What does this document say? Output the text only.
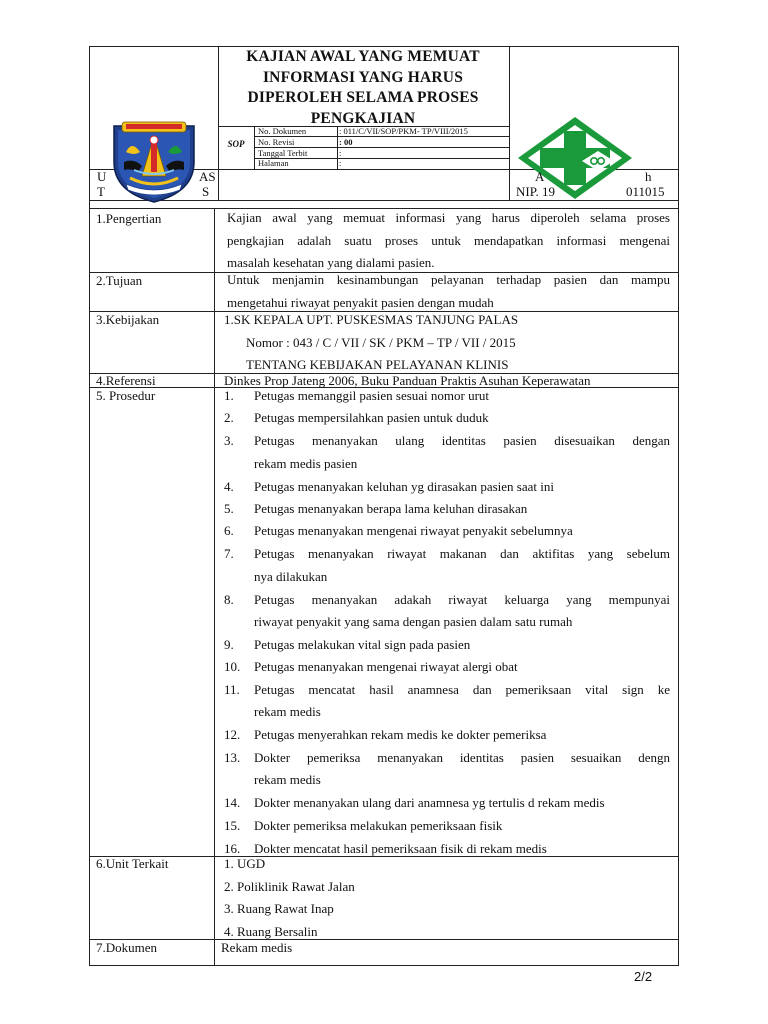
KAJIAN AWAL YANG MEMUAT
INFORMASI YANG HARUS
DIPEROLEH SELAMA PROSES
PENGKAJIAN
SOP
No. Dokumen	: 011/C/VII/SOP/PKM- TP/VIII/2015
No. Revisi	: 00
Tanggal Terbit	:
Halaman	:
U	AS
T	S
A	h
NIP. 19	011015
1.Pengertian	Kajian awal yang memuat informasi yang harus diperoleh selama proses
pengkajian adalah suatu proses untuk mendapatkan informasi mengenai
masalah kesehatan yang dialami pasien.
2.Tujuan	Untuk menjamin kesinambungan pelayanan terhadap pasien dan mampu
mengetahui riwayat penyakit pasien dengan mudah
3.Kebijakan	1.SK KEPALA UPT. PUSKESMAS TANJUNG PALAS
Nomor : 043 / C / VII / SK / PKM – TP / VII / 2015
TENTANG KEBIJAKAN PELAYANAN KLINIS
4.Referensi	Dinkes Prop Jateng 2006, Buku Panduan Praktis Asuhan Keperawatan
5. Prosedur	1.	Petugas memanggil pasien sesuai nomor urut
2.	Petugas mempersilahkan pasien untuk duduk
3.	Petugas menanyakan ulang identitas pasien disesuaikan dengan
rekam medis pasien
4.	Petugas menanyakan keluhan yg dirasakan pasien saat ini
5.	Petugas menanyakan berapa lama keluhan dirasakan
6.	Petugas menanyakan mengenai riwayat penyakit sebelumnya
7.	Petugas menanyakan riwayat makanan dan aktifitas yang sebelum
nya dilakukan
8.	Petugas menanyakan adakah riwayat keluarga yang mempunyai
riwayat penyakit yang sama dengan pasien dalam satu rumah
9.	Petugas melakukan vital sign pada pasien
10.	Petugas menanyakan mengenai riwayat alergi obat
11.	Petugas mencatat hasil anamnesa dan pemeriksaan vital sign ke
rekam medis
12.	Petugas menyerahkan rekam medis ke dokter pemeriksa
13.	Dokter pemeriksa menanyakan identitas pasien sesuaikan dengn
rekam medis
14.	Dokter menanyakan ulang dari anamnesa yg tertulis d rekam medis
15.	Dokter pemeriksa melakukan pemeriksaan fisik
16.	Dokter mencatat hasil pemeriksaan fisik di rekam medis
6.Unit Terkait	1. UGD
2. Poliklinik Rawat Jalan
3. Ruang Rawat Inap
4. Ruang Bersalin
7.Dokumen	Rekam medis
2/2
